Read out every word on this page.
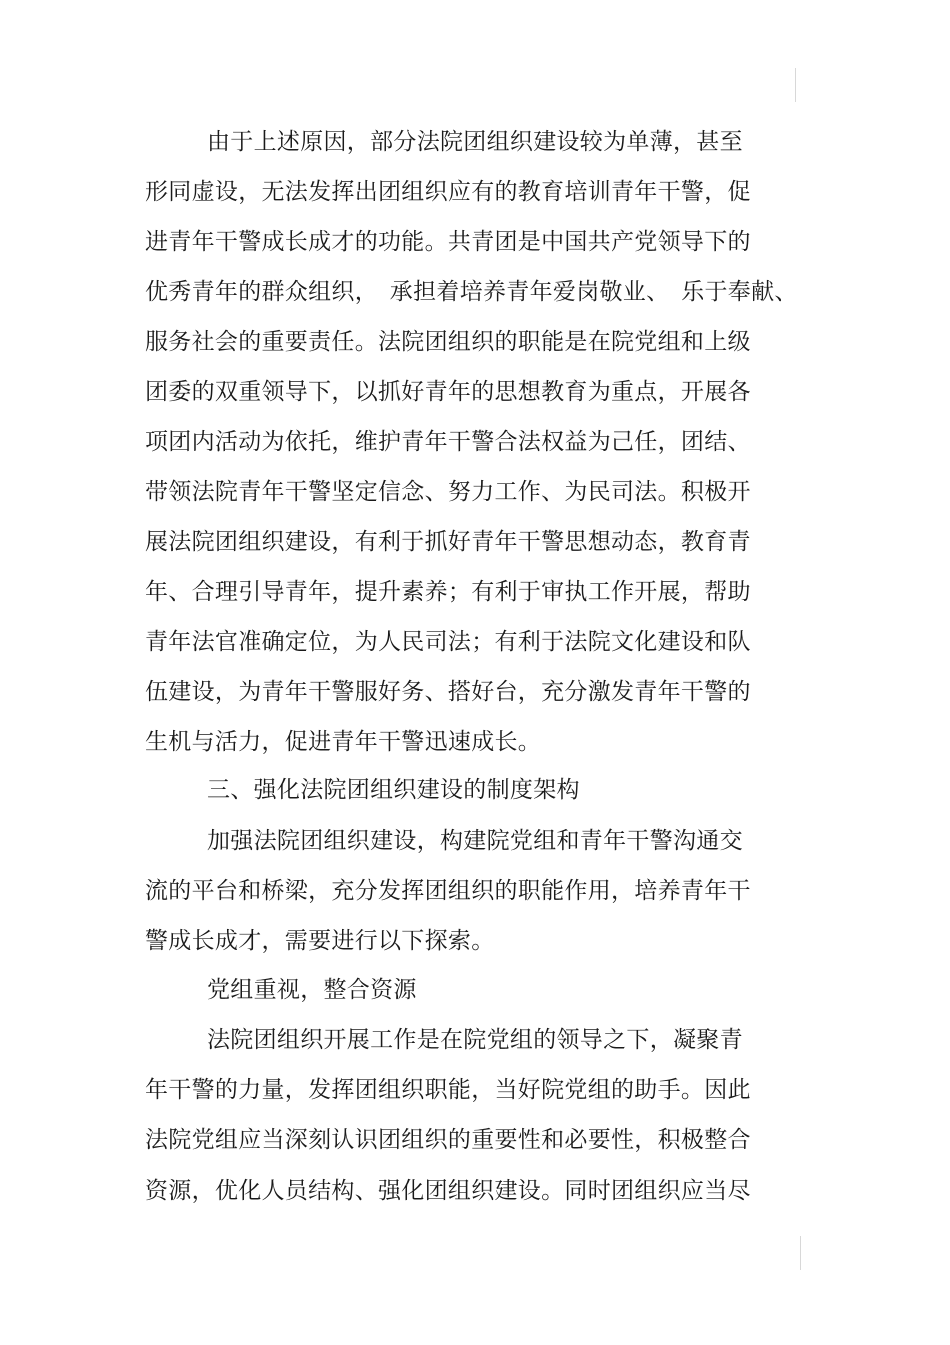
由于上述原因，部分法院团组织建设较为单薄，甚至
形同虚设，无法发挥出团组织应有的教育培训青年干警，促
进青年干警成长成才的功能。共青团是中国共产党领导下的
优秀青年的群众组织，　承担着培养青年爱岗敬业、　乐于奉献、
服务社会的重要责任。法院团组织的职能是在院党组和上级
团委的双重领导下，以抓好青年的思想教育为重点，开展各
项团内活动为依托，维护青年干警合法权益为己任，团结、
带领法院青年干警坚定信念、努力工作、为民司法。积极开
展法院团组织建设，有利于抓好青年干警思想动态，教育青
年、合理引导青年，提升素养；有利于审执工作开展，帮助
青年法官准确定位，为人民司法；有利于法院文化建设和队
伍建设，为青年干警服好务、搭好台，充分激发青年干警的
生机与活力，促进青年干警迅速成长。
三、强化法院团组织建设的制度架构
加强法院团组织建设，构建院党组和青年干警沟通交
流的平台和桥梁，充分发挥团组织的职能作用，培养青年干
警成长成才，需要进行以下探索。
党组重视，整合资源
法院团组织开展工作是在院党组的领导之下，凝聚青
年干警的力量，发挥团组织职能，当好院党组的助手。因此
法院党组应当深刻认识团组织的重要性和必要性，积极整合
资源，优化人员结构、强化团组织建设。同时团组织应当尽
